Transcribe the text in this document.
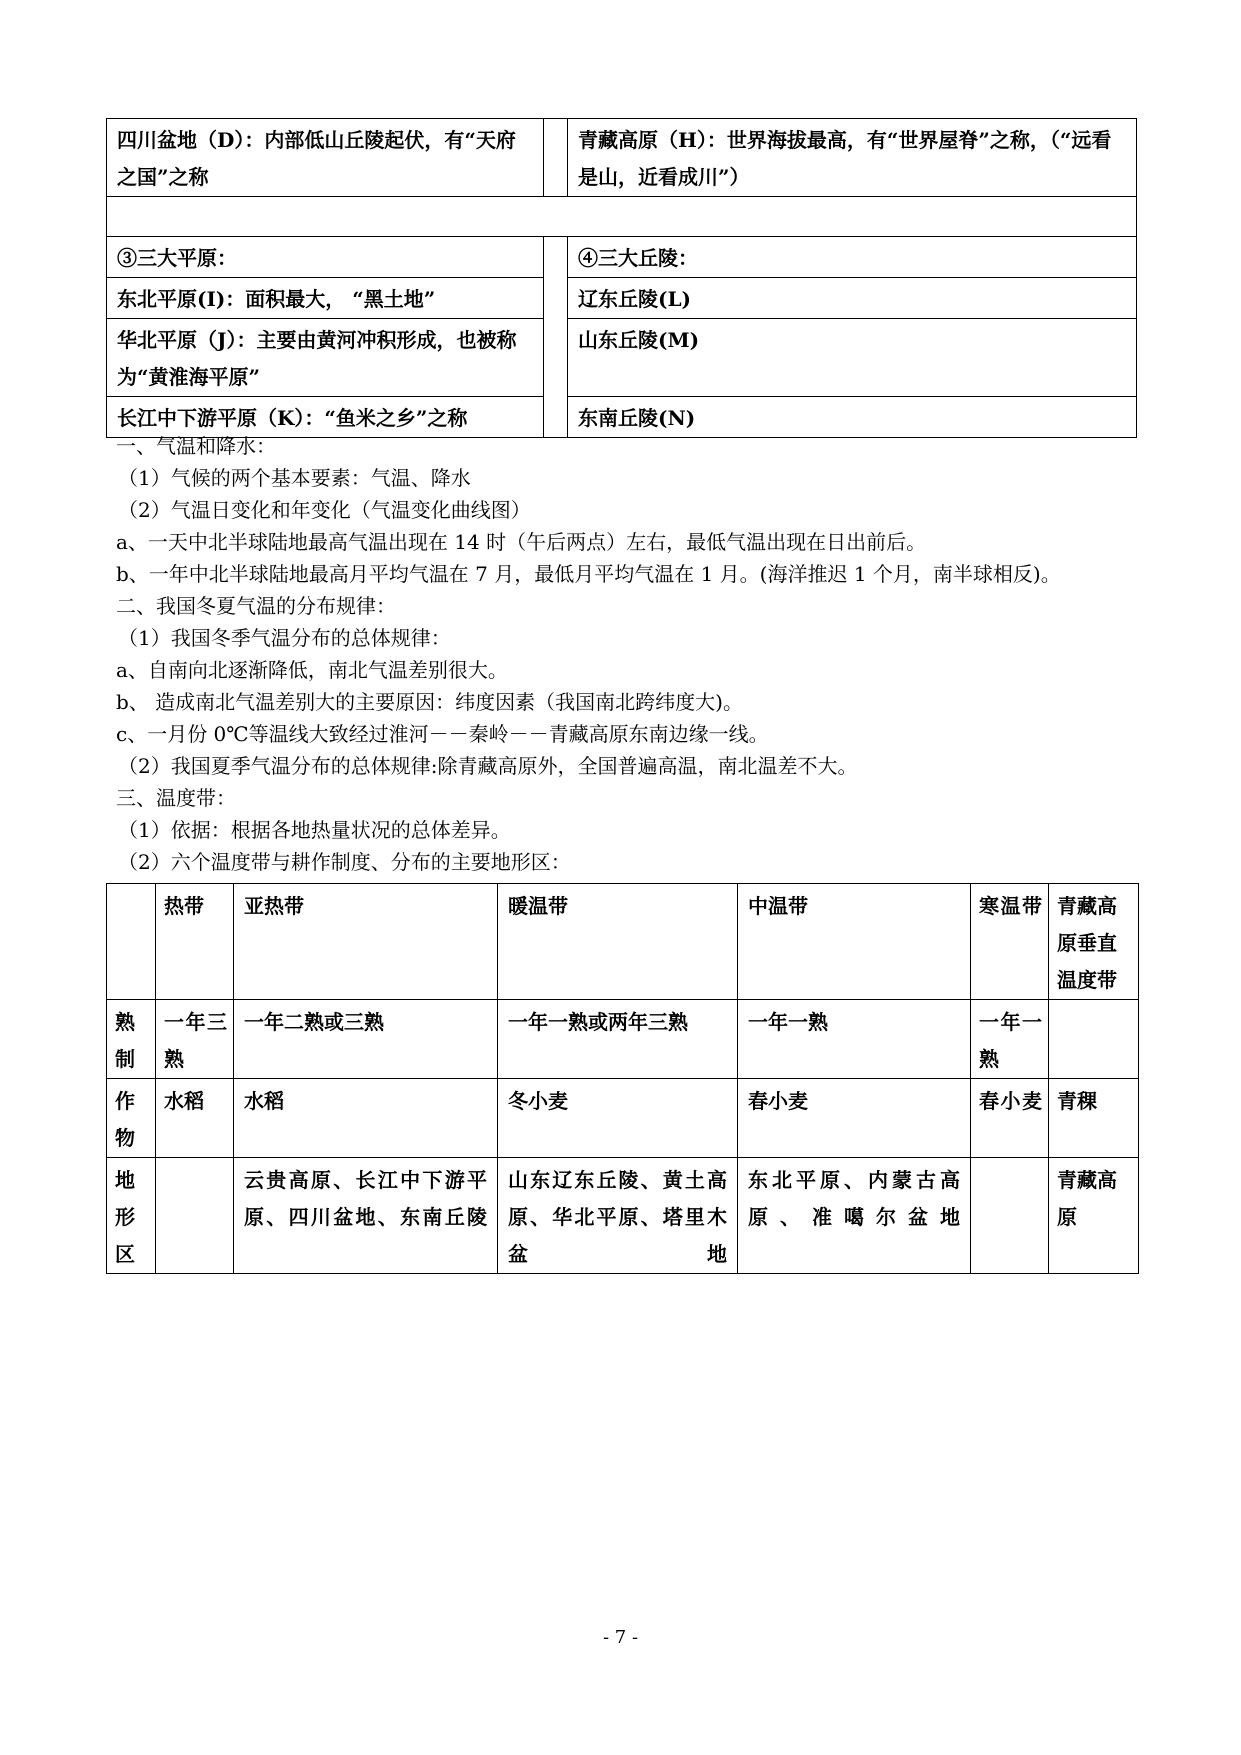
四川盆地（D）：内部低山丘陵起伏，有“天府之国”之称		青藏高原（H）：世界海拔最高，有“世界屋脊”之称，（“远看是山，近看成川”）

③三大平原：		④三大丘陵：
东北平原(I)：面积最大， “黑土地”		辽东丘陵(L)
华北平原（J）：主要由黄河冲积形成，也被称为“黄淮海平原”		山东丘陵(M)
长江中下游平原（K）：“鱼米之乡”之称		东南丘陵(N)
一、气温和降水：
（1）气候的两个基本要素：气温、降水
（2）气温日变化和年变化（气温变化曲线图）
a、一天中北半球陆地最高气温出现在 14 时（午后两点）左右，最低气温出现在日出前后。
b、一年中北半球陆地最高月平均气温在 7 月，最低月平均气温在 1 月。(海洋推迟 1 个月，南半球相反)。
二、我国冬夏气温的分布规律：
（1）我国冬季气温分布的总体规律：
a、自南向北逐渐降低，南北气温差别很大。
b、 造成南北气温差别大的主要原因：纬度因素（我国南北跨纬度大)。
c、一月份 0℃等温线大致经过淮河－－秦岭－－青藏高原东南边缘一线。
（2）我国夏季气温分布的总体规律:除青藏高原外，全国普遍高温，南北温差不大。
三、温度带：
（1）依据：根据各地热量状况的总体差异。
（2）六个温度带与耕作制度、分布的主要地形区：
	热带	亚热带	暖温带	中温带	寒温带	青藏高原垂直温度带
熟制	一年三熟	一年二熟或三熟	一年一熟或两年三熟	一年一熟	一年一熟	
作物	水稻	水稻	冬小麦	春小麦	春小麦	青稞
地形区		云贵高原、长江中下游平原、四川盆地、东南丘陵	山东辽东丘陵、黄土高原、华北平原、塔里木盆地	东北平原、内蒙古高原、准噶尔盆地		青藏高原
- 7 -
